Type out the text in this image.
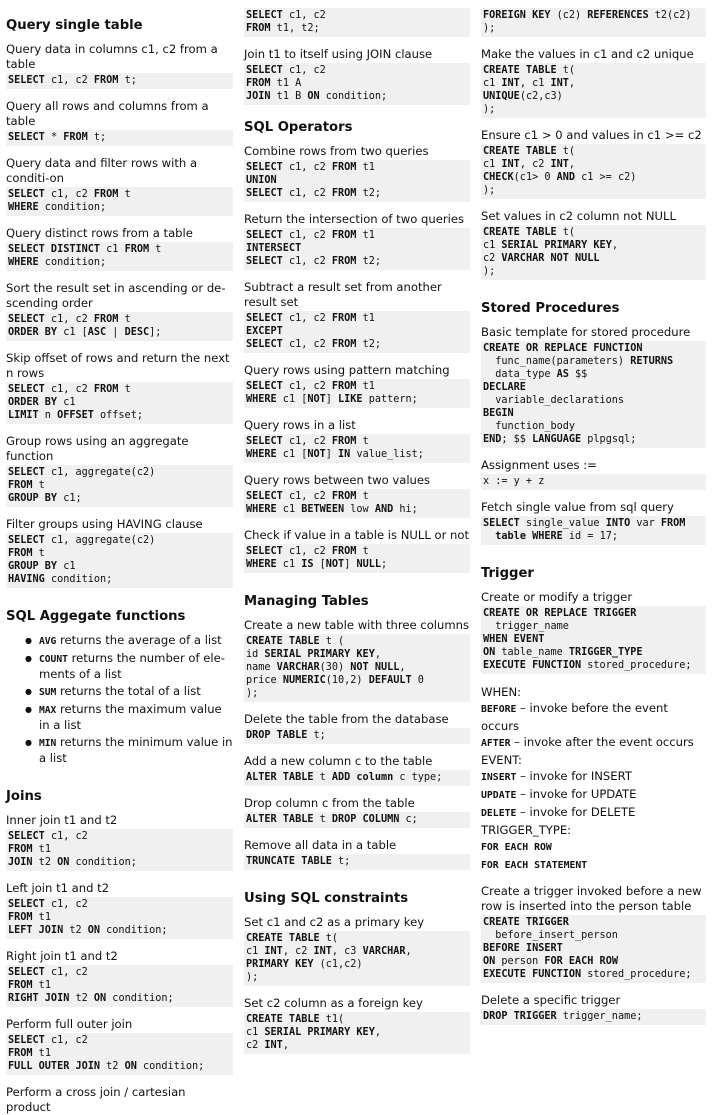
Query single table
Query data in columns c1, c2 from a table
SELECT c1, c2 FROM t;
Query all rows and columns from a table
SELECT * FROM t;
Query data and filter rows with a conditi-on
SELECT c1, c2 FROM t
WHERE condition;
Query distinct rows from a table
SELECT DISTINCT c1 FROM t
WHERE condition;
Sort the result set in ascending or de-scending order
SELECT c1, c2 FROM t
ORDER BY c1 [ASC | DESC];
Skip offset of rows and return the next n rows
SELECT c1, c2 FROM t
ORDER BY c1
LIMIT n OFFSET offset;
Group rows using an aggregate function
SELECT c1, aggregate(c2)
FROM t
GROUP BY c1;
Filter groups using HAVING clause
SELECT c1, aggregate(c2)
FROM t
GROUP BY c1
HAVING condition;
SQL Aggegate functions
● AVG returns the average of a list
● COUNT returns the number of ele-ments of a list
● SUM returns the total of a list
● MAX returns the maximum value in a list
● MIN returns the minimum value in a list
Joins
Inner join t1 and t2
SELECT c1, c2
FROM t1
JOIN t2 ON condition;
Left join t1 and t2
SELECT c1, c2
FROM t1
LEFT JOIN t2 ON condition;
Right join t1 and t2
SELECT c1, c2
FROM t1
RIGHT JOIN t2 ON condition;
Perform full outer join
SELECT c1, c2
FROM t1
FULL OUTER JOIN t2 ON condition;
Perform a cross join / cartesian product
SELECT c1, c2
FROM t1, t2;
Join t1 to itself using JOIN clause
SELECT c1, c2
FROM t1 A
JOIN t1 B ON condition;
SQL Operators
Combine rows from two queries
SELECT c1, c2 FROM t1
UNION
SELECT c1, c2 FROM t2;
Return the intersection of two queries
SELECT c1, c2 FROM t1
INTERSECT
SELECT c1, c2 FROM t2;
Subtract a result set from another result set
SELECT c1, c2 FROM t1
EXCEPT
SELECT c1, c2 FROM t2;
Query rows using pattern matching
SELECT c1, c2 FROM t1
WHERE c1 [NOT] LIKE pattern;
Query rows in a list
SELECT c1, c2 FROM t
WHERE c1 [NOT] IN value_list;
Query rows between two values
SELECT c1, c2 FROM t
WHERE c1 BETWEEN low AND hi;
Check if value in a table is NULL or not
SELECT c1, c2 FROM t
WHERE c1 IS [NOT] NULL;
Managing Tables
Create a new table with three columns
CREATE TABLE t (
id SERIAL PRIMARY KEY,
name VARCHAR(30) NOT NULL,
price NUMERIC(10,2) DEFAULT 0
);
Delete the table from the database
DROP TABLE t;
Add a new column c to the table
ALTER TABLE t ADD column c type;
Drop column c from the table
ALTER TABLE t DROP COLUMN c;
Remove all data in a table
TRUNCATE TABLE t;
Using SQL constraints
Set c1 and c2 as a primary key
CREATE TABLE t(
c1 INT, c2 INT, c3 VARCHAR,
PRIMARY KEY (c1,c2)
);
Set c2 column as a foreign key
CREATE TABLE t1(
c1 SERIAL PRIMARY KEY,
c2 INT,
FOREIGN KEY (c2) REFERENCES t2(c2)
);
Make the values in c1 and c2 unique
CREATE TABLE t(
c1 INT, c1 INT,
UNIQUE(c2,c3)
);
Ensure c1 > 0 and values in c1 >= c2
CREATE TABLE t(
c1 INT, c2 INT,
CHECK(c1> 0 AND c1 >= c2)
);
Set values in c2 column not NULL
CREATE TABLE t(
c1 SERIAL PRIMARY KEY,
c2 VARCHAR NOT NULL
);
Stored Procedures
Basic template for stored procedure
CREATE OR REPLACE FUNCTION
func_name(parameters) RETURNS
data_type AS $$
DECLARE
variable_declarations
BEGIN
function_body
END; $$ LANGUAGE plpgsql;
Assignment uses :=
x := y + z
Fetch single value from sql query
SELECT single_value INTO var FROM
table WHERE id = 17;
Trigger
Create or modify a trigger
CREATE OR REPLACE TRIGGER
trigger_name
WHEN EVENT
ON table_name TRIGGER_TYPE
EXECUTE FUNCTION stored_procedure;
WHEN:
BEFORE – invoke before the event occurs
AFTER – invoke after the event occurs
EVENT:
INSERT – invoke for INSERT
UPDATE – invoke for UPDATE
DELETE – invoke for DELETE
TRIGGER_TYPE:
FOR EACH ROW
FOR EACH STATEMENT
Create a trigger invoked before a new row is inserted into the person table
CREATE TRIGGER
before_insert_person
BEFORE INSERT
ON person FOR EACH ROW
EXECUTE FUNCTION stored_procedure;
Delete a specific trigger
DROP TRIGGER trigger_name;
